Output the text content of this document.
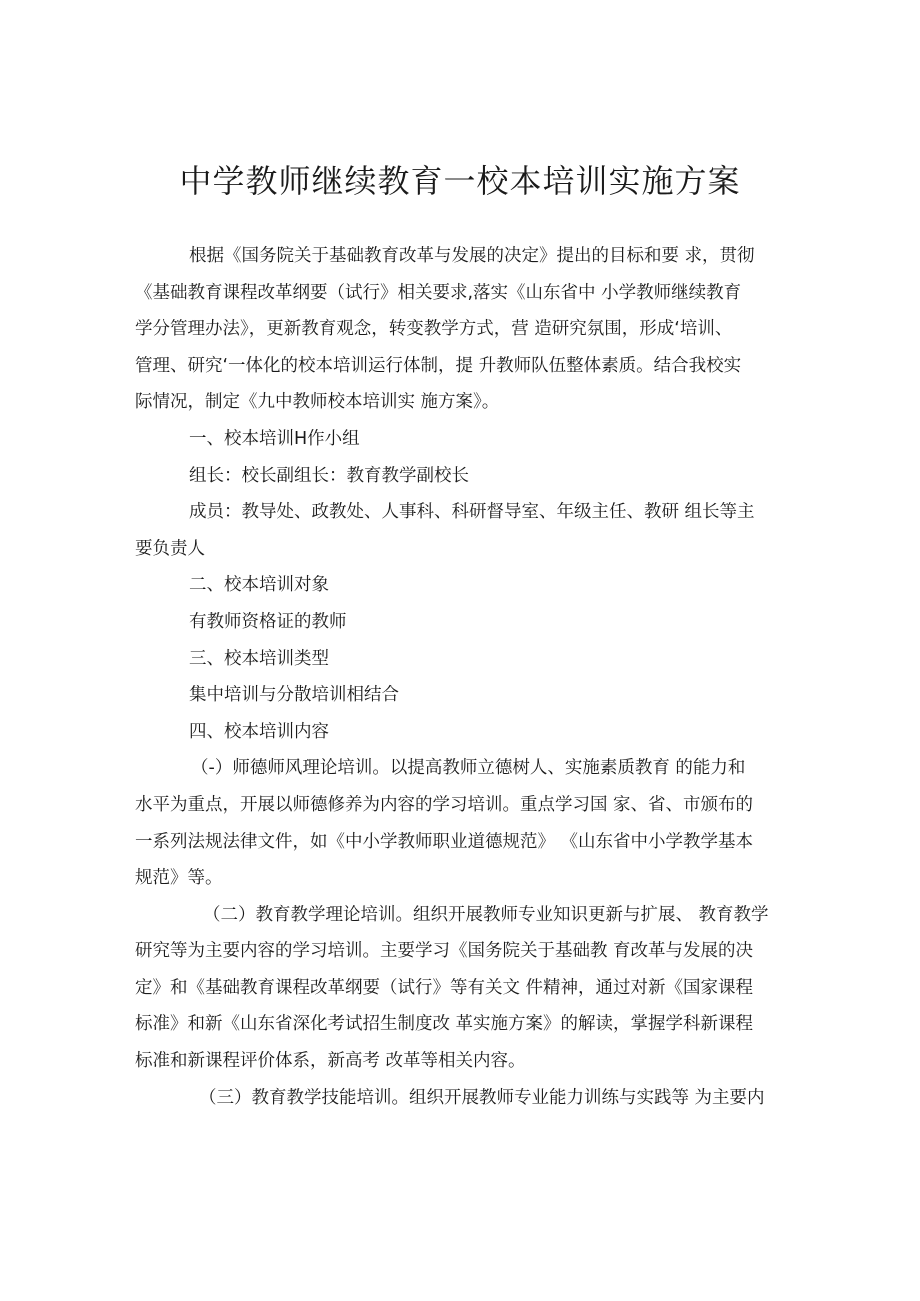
中学教师继续教育一校本培训实施方案
根据《国务院关于基础教育改革与发展的决定》提出的目标和要 求，贯彻
《基础教育课程改革纲要（试行》相关要求,落实《山东省中 小学教师继续教育
学分管理办法》，更新教育观念，转变教学方式，营 造研究氛围，形成‘培训、
管理、研究‘一体化的校本培训运行体制，提 升教师队伍整体素质。结合我校实
际情况，制定《九中教师校本培训实 施方案》。
一、校本培训H作小组
组长：校长副组长：教育教学副校长
成员：教导处、政教处、人事科、科研督导室、年级主任、教研 组长等主
要负责人
二、校本培训对象
有教师资格证的教师
三、校本培训类型
集中培训与分散培训相结合
四、校本培训内容
（-）师德师风理论培训。以提高教师立德树人、实施素质教育 的能力和
水平为重点，开展以师德修养为内容的学习培训。重点学习国 家、省、市颁布的
一系列法规法律文件，如《中小学教师职业道德规范》 《山东省中小学教学基本
规范》等。
（二）教育教学理论培训。组织开展教师专业知识更新与扩展、 教育教学
研究等为主要内容的学习培训。主要学习《国务院关于基础教 育改革与发展的决
定》和《基础教育课程改革纲要（试行》等有关文 件精神，通过对新《国家课程
标准》和新《山东省深化考试招生制度改 革实施方案》的解读，掌握学科新课程
标准和新课程评价体系，新高考 改革等相关内容。
（三）教育教学技能培训。组织开展教师专业能力训练与实践等 为主要内
